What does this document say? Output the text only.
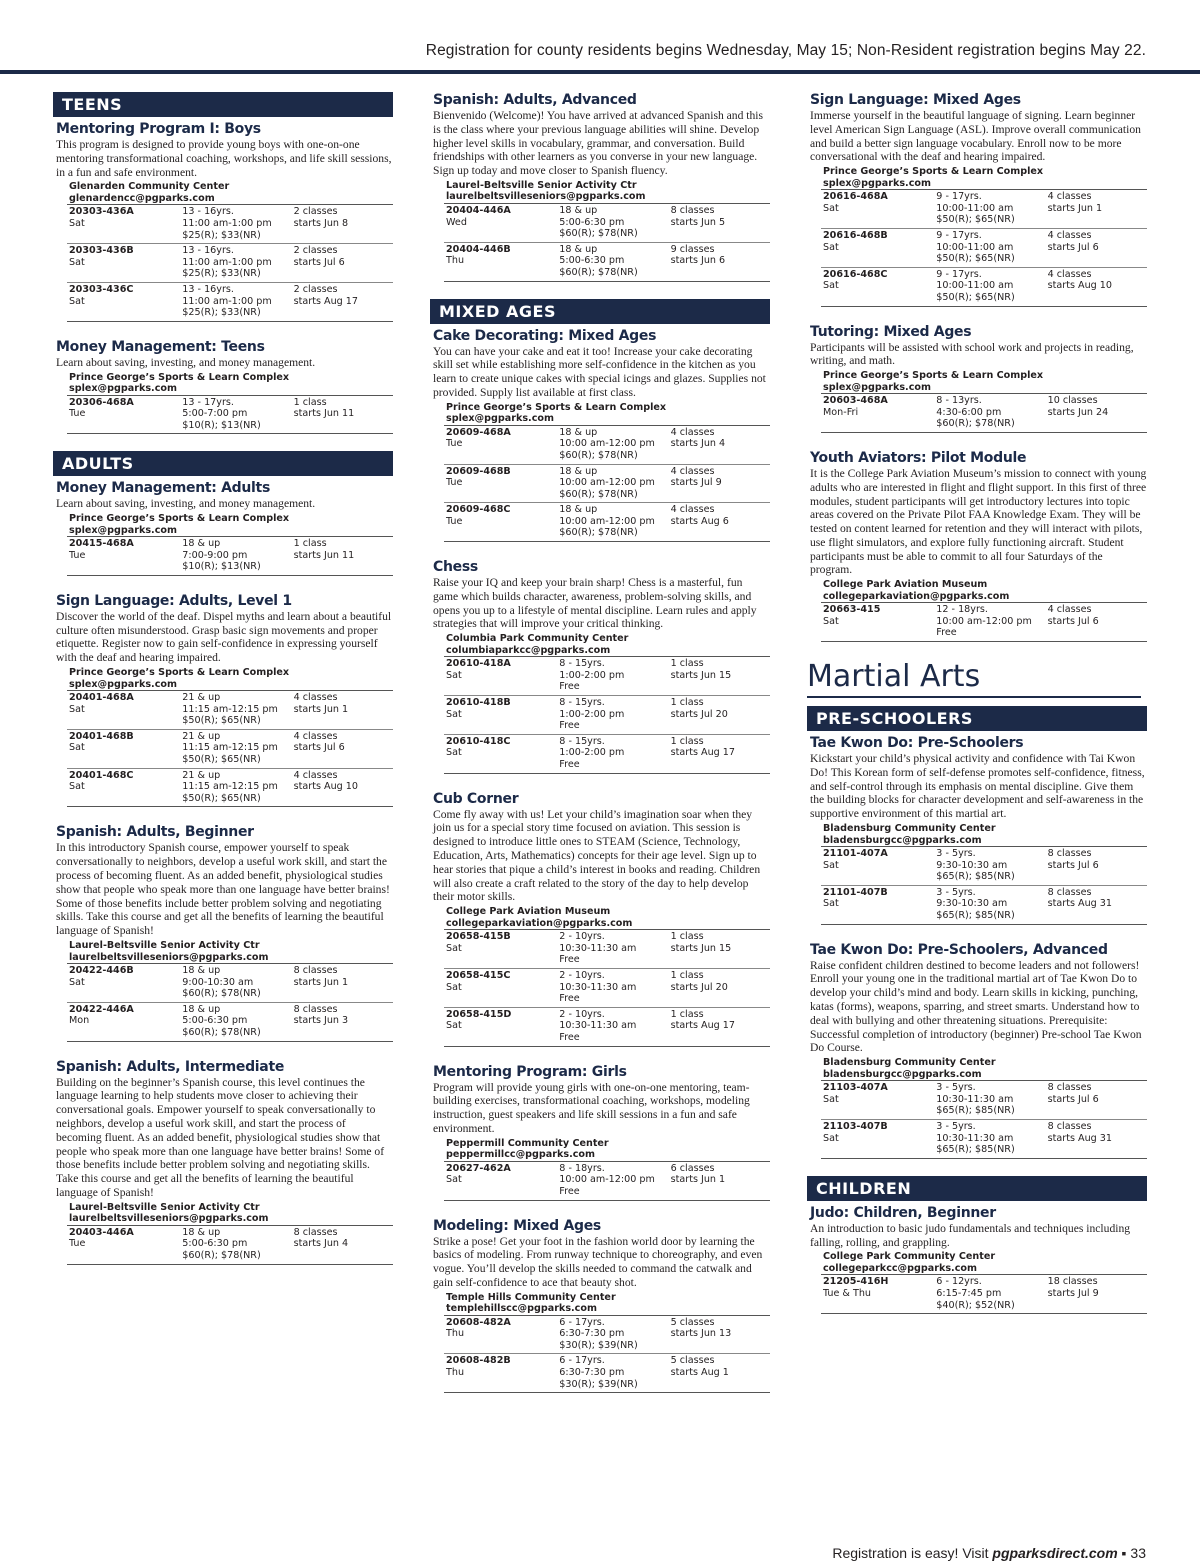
Registration for county residents begins Wednesday, May 15; Non-Resident registration begins May 22.
TEENS
Mentoring Program I: Boys
This program is designed to provide young boys with one-on-one mentoring transformational coaching, workshops, and life skill sessions, in a fun and safe environment.
Glenarden Community Center
glenardencc@pgparks.com
20303-436A
Sat
13 - 16yrs.
11:00 am-1:00 pm
$25(R); $33(NR)
2 classes
starts Jun 8
20303-436B
Sat
13 - 16yrs.
11:00 am-1:00 pm
$25(R); $33(NR)
2 classes
starts Jul 6
20303-436C
Sat
13 - 16yrs.
11:00 am-1:00 pm
$25(R); $33(NR)
2 classes
starts Aug 17
Money Management: Teens
Learn about saving, investing, and money management.
Prince George’s Sports & Learn Complex
splex@pgparks.com
20306-468A
Tue
13 - 17yrs.
5:00-7:00 pm
$10(R); $13(NR)
1 class
starts Jun 11
ADULTS
Money Management: Adults
Learn about saving, investing, and money management.
Prince George’s Sports & Learn Complex
splex@pgparks.com
20415-468A
Tue
18 & up
7:00-9:00 pm
$10(R); $13(NR)
1 class
starts Jun 11
Sign Language: Adults, Level 1
Discover the world of the deaf. Dispel myths and learn about a beautiful culture often misunderstood. Grasp basic sign movements and proper etiquette. Register now to gain self-confidence in expressing yourself with the deaf and hearing impaired.
Prince George’s Sports & Learn Complex
splex@pgparks.com
20401-468A
Sat
21 & up
11:15 am-12:15 pm
$50(R); $65(NR)
4 classes
starts Jun 1
20401-468B
Sat
21 & up
11:15 am-12:15 pm
$50(R); $65(NR)
4 classes
starts Jul 6
20401-468C
Sat
21 & up
11:15 am-12:15 pm
$50(R); $65(NR)
4 classes
starts Aug 10
Spanish: Adults, Beginner
In this introductory Spanish course, empower yourself to speak conversationally to neighbors, develop a useful work skill, and start the process of becoming fluent. As an added benefit, physiological studies show that people who speak more than one language have better brains! Some of those benefits include better problem solving and negotiating skills. Take this course and get all the benefits of learning the beautiful language of Spanish!
Laurel-Beltsville Senior Activity Ctr
laurelbeltsvilleseniors@pgparks.com
20422-446B
Sat
18 & up
9:00-10:30 am
$60(R); $78(NR)
8 classes
starts Jun 1
20422-446A
Mon
18 & up
5:00-6:30 pm
$60(R); $78(NR)
8 classes
starts Jun 3
Spanish: Adults, Intermediate
Building on the beginner’s Spanish course, this level continues the language learning to help students move closer to achieving their conversational goals. Empower yourself to speak conversationally to neighbors, develop a useful work skill, and start the process of becoming fluent. As an added benefit, physiological studies show that people who speak more than one language have better brains! Some of those benefits include better problem solving and negotiating skills. Take this course and get all the benefits of learning the beautiful language of Spanish!
Laurel-Beltsville Senior Activity Ctr
laurelbeltsvilleseniors@pgparks.com
20403-446A
Tue
18 & up
5:00-6:30 pm
$60(R); $78(NR)
8 classes
starts Jun 4
Spanish: Adults, Advanced
Bienvenido (Welcome)! You have arrived at advanced Spanish and this is the class where your previous language abilities will shine. Develop higher level skills in vocabulary, grammar, and conversation. Build friendships with other learners as you converse in your new language. Sign up today and move closer to Spanish fluency.
Laurel-Beltsville Senior Activity Ctr
laurelbeltsvilleseniors@pgparks.com
20404-446A
Wed
18 & up
5:00-6:30 pm
$60(R); $78(NR)
8 classes
starts Jun 5
20404-446B
Thu
18 & up
5:00-6:30 pm
$60(R); $78(NR)
9 classes
starts Jun 6
MIXED AGES
Cake Decorating: Mixed Ages
You can have your cake and eat it too! Increase your cake decorating skill set while establishing more self-confidence in the kitchen as you learn to create unique cakes with special icings and glazes. Supplies not provided. Supply list available at first class.
Prince George’s Sports & Learn Complex
splex@pgparks.com
20609-468A
Tue
18 & up
10:00 am-12:00 pm
$60(R); $78(NR)
4 classes
starts Jun 4
20609-468B
Tue
18 & up
10:00 am-12:00 pm
$60(R); $78(NR)
4 classes
starts Jul 9
20609-468C
Tue
18 & up
10:00 am-12:00 pm
$60(R); $78(NR)
4 classes
starts Aug 6
Chess
Raise your IQ and keep your brain sharp! Chess is a masterful, fun game which builds character, awareness, problem-solving skills, and opens you up to a lifestyle of mental discipline. Learn rules and apply strategies that will improve your critical thinking.
Columbia Park Community Center
columbiaparkcc@pgparks.com
20610-418A
Sat
8 - 15yrs.
1:00-2:00 pm
Free
1 class
starts Jun 15
20610-418B
Sat
8 - 15yrs.
1:00-2:00 pm
Free
1 class
starts Jul 20
20610-418C
Sat
8 - 15yrs.
1:00-2:00 pm
Free
1 class
starts Aug 17
Cub Corner
Come fly away with us! Let your child’s imagination soar when they join us for a special story time focused on aviation. This session is designed to introduce little ones to STEAM (Science, Technology, Education, Arts, Mathematics) concepts for their age level. Sign up to hear stories that pique a child’s interest in books and reading. Children will also create a craft related to the story of the day to help develop their motor skills.
College Park Aviation Museum
collegeparkaviation@pgparks.com
20658-415B
Sat
2 - 10yrs.
10:30-11:30 am
Free
1 class
starts Jun 15
20658-415C
Sat
2 - 10yrs.
10:30-11:30 am
Free
1 class
starts Jul 20
20658-415D
Sat
2 - 10yrs.
10:30-11:30 am
Free
1 class
starts Aug 17
Mentoring Program: Girls
Program will provide young girls with one-on-one mentoring, team-building exercises, transformational coaching, workshops, modeling instruction, guest speakers and life skill sessions in a fun and safe environment.
Peppermill Community Center
peppermillcc@pgparks.com
20627-462A
Sat
8 - 18yrs.
10:00 am-12:00 pm
Free
6 classes
starts Jun 1
Modeling: Mixed Ages
Strike a pose! Get your foot in the fashion world door by learning the basics of modeling. From runway technique to choreography, and even vogue. You’ll develop the skills needed to command the catwalk and gain self-confidence to ace that beauty shot.
Temple Hills Community Center
templehillscc@pgparks.com
20608-482A
Thu
6 - 17yrs.
6:30-7:30 pm
$30(R); $39(NR)
5 classes
starts Jun 13
20608-482B
Thu
6 - 17yrs.
6:30-7:30 pm
$30(R); $39(NR)
5 classes
starts Aug 1
Sign Language: Mixed Ages
Immerse yourself in the beautiful language of signing. Learn beginner level American Sign Language (ASL). Improve overall communication and build a better sign language vocabulary. Enroll now to be more conversational with the deaf and hearing impaired.
Prince George’s Sports & Learn Complex
splex@pgparks.com
20616-468A
Sat
9 - 17yrs.
10:00-11:00 am
$50(R); $65(NR)
4 classes
starts Jun 1
20616-468B
Sat
9 - 17yrs.
10:00-11:00 am
$50(R); $65(NR)
4 classes
starts Jul 6
20616-468C
Sat
9 - 17yrs.
10:00-11:00 am
$50(R); $65(NR)
4 classes
starts Aug 10
Tutoring: Mixed Ages
Participants will be assisted with school work and projects in reading, writing, and math.
Prince George’s Sports & Learn Complex
splex@pgparks.com
20603-468A
Mon-Fri
8 - 13yrs.
4:30-6:00 pm
$60(R); $78(NR)
10 classes
starts Jun 24
Youth Aviators: Pilot Module
It is the College Park Aviation Museum’s mission to connect with young adults who are interested in flight and flight support. In this first of three modules, student participants will get introductory lectures into topic areas covered on the Private Pilot FAA Knowledge Exam. They will be tested on content learned for retention and they will interact with pilots, use flight simulators, and explore fully functioning aircraft. Student participants must be able to commit to all four Saturdays of the program.
College Park Aviation Museum
collegeparkaviation@pgparks.com
20663-415
Sat
12 - 18yrs.
10:00 am-12:00 pm
Free
4 classes
starts Jul 6
Martial Arts
PRE-SCHOOLERS
Tae Kwon Do: Pre-Schoolers
Kickstart your child’s physical activity and confidence with Tai Kwon Do! This Korean form of self-defense promotes self-confidence, fitness, and self-control through its emphasis on mental discipline. Give them the building blocks for character development and self-awareness in the supportive environment of this martial art.
Bladensburg Community Center
bladensburgcc@pgparks.com
21101-407A
Sat
3 - 5yrs.
9:30-10:30 am
$65(R); $85(NR)
8 classes
starts Jul 6
21101-407B
Sat
3 - 5yrs.
9:30-10:30 am
$65(R); $85(NR)
8 classes
starts Aug 31
Tae Kwon Do: Pre-Schoolers, Advanced
Raise confident children destined to become leaders and not followers! Enroll your young one in the traditional martial art of Tae Kwon Do to develop your child’s mind and body. Learn skills in kicking, punching, katas (forms), weapons, sparring, and street smarts. Understand how to deal with bullying and other threatening situations. Prerequisite: Successful completion of introductory (beginner) Pre-school Tae Kwon Do Course.
Bladensburg Community Center
bladensburgcc@pgparks.com
21103-407A
Sat
3 - 5yrs.
10:30-11:30 am
$65(R); $85(NR)
8 classes
starts Jul 6
21103-407B
Sat
3 - 5yrs.
10:30-11:30 am
$65(R); $85(NR)
8 classes
starts Aug 31
CHILDREN
Judo: Children, Beginner
An introduction to basic judo fundamentals and techniques including falling, rolling, and grappling.
College Park Community Center
collegeparkcc@pgparks.com
21205-416H
Tue & Thu
6 - 12yrs.
6:15-7:45 pm
$40(R); $52(NR)
18 classes
starts Jul 9
Registration is easy! Visit pgparksdirect.com ▪ 33
